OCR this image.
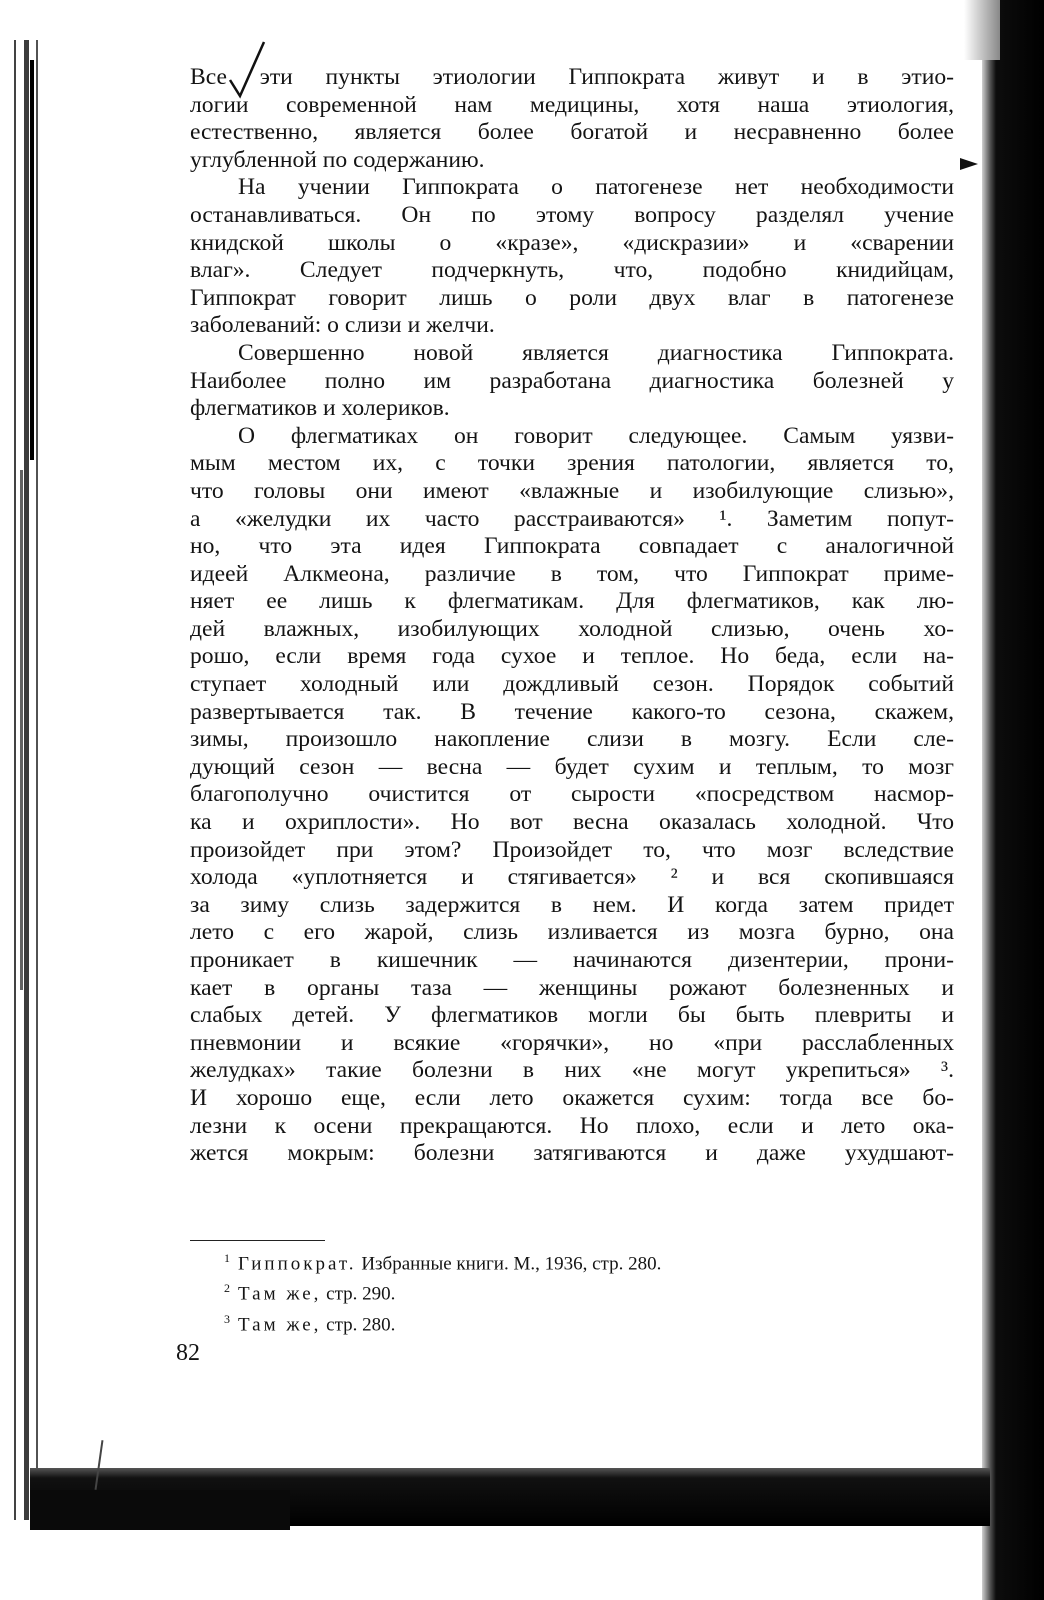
Все эти пункты этиологии Гиппократа живут и в этио-
логии современной нам медицины, хотя наша этиология,
естественно, является более богатой и несравненно более
углубленной по содержанию.

На учении Гиппократа о патогенезе нет необходимости
останавливаться. Он по этому вопросу разделял учение
книдской школы о «кразе», «дискразии» и «сварении
влаг». Следует подчеркнуть, что, подобно книдийцам,
Гиппократ говорит лишь о роли двух влаг в патогенезе
заболеваний: о слизи и желчи.

Совершенно новой является диагностика Гиппократа.
Наиболее полно им разработана диагностика болезней у
флегматиков и холериков.

О флегматиках он говорит следующее. Самым уязви-
мым местом их, с точки зрения патологии, является то,
что головы они имеют «влажные и изобилующие слизью»,
а «желудки их часто расстраиваются» ¹. Заметим попут-
но, что эта идея Гиппократа совпадает с аналогичной
идеей Алкмеона, различие в том, что Гиппократ приме-
няет ее лишь к флегматикам. Для флегматиков, как лю-
дей влажных, изобилующих холодной слизью, очень хо-
рошо, если время года сухое и теплое. Но беда, если на-
ступает холодный или дождливый сезон. Порядок событий
развертывается так. В течение какого-то сезона, скажем,
зимы, произошло накопление слизи в мозгу. Если сле-
дующий сезон — весна — будет сухим и теплым, то мозг
благополучно очистится от сырости «посредством насмор-
ка и охриплости». Но вот весна оказалась холодной. Что
произойдет при этом? Произойдет то, что мозг вследствие
холода «уплотняется и стягивается» ² и вся скопившаяся
за зиму слизь задержится в нем. И когда затем придет
лето с его жарой, слизь изливается из мозга бурно, она
проникает в кишечник — начинаются дизентерии, прони-
кает в органы таза — женщины рожают болезненных и
слабых детей. У флегматиков могли бы быть плевриты и
пневмонии и всякие «горячки», но «при расслабленных
желудках» такие болезни в них «не могут укрепиться» ³.
И хорошо еще, если лето окажется сухим: тогда все бо-
лезни к осени прекращаются. Но плохо, если и лето ока-
жется мокрым: болезни затягиваются и даже ухудшают-

$^1$ Гиппократ. Избранные книги. М., 1936, стр. 280.
$^2$ Там же, стр. 290.
$^3$ Там же, стр. 280.
82
